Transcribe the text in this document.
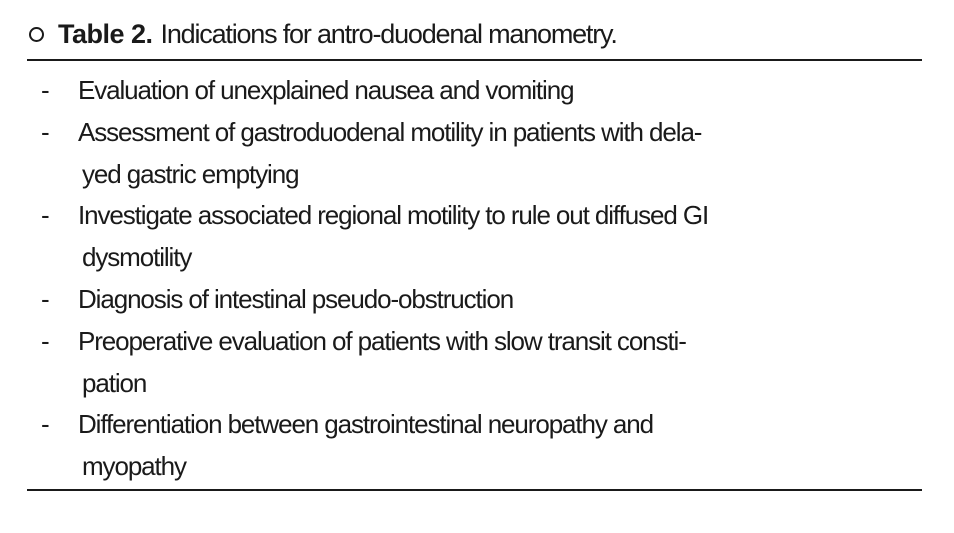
Table 2. Indications for antro-duodenal manometry.
-	Evaluation of unexplained nausea and vomiting
-	Assessment of gastroduodenal motility in patients with dela-
yed gastric emptying
-	Investigate associated regional motility to rule out diffused GI
dysmotility
-	Diagnosis of intestinal pseudo-obstruction
-	Preoperative evaluation of patients with slow transit consti-
pation
-	Differentiation between gastrointestinal neuropathy and
myopathy
